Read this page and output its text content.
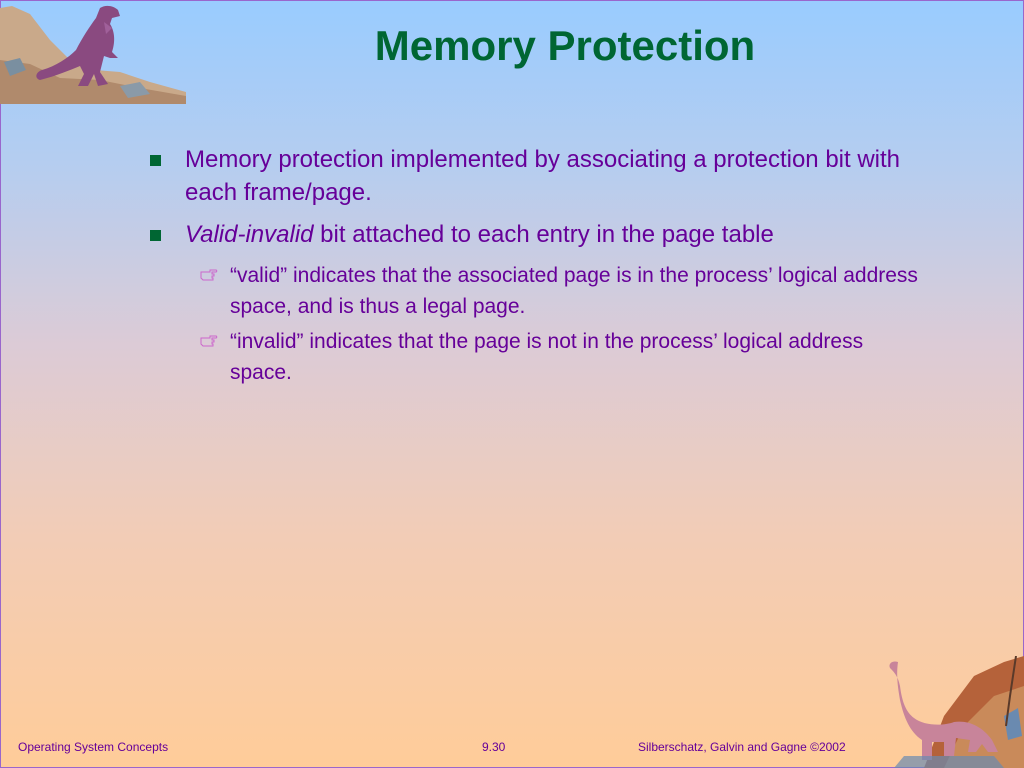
Memory Protection
Memory protection implemented by associating a protection bit with each frame/page.
Valid-invalid bit attached to each entry in the page table
“valid” indicates that the associated page is in the process’ logical address space, and is thus a legal page.
“invalid” indicates that the page is not in the process’ logical address space.
Operating System Concepts	9.30	Silberschatz, Galvin and Gagne ©2002
